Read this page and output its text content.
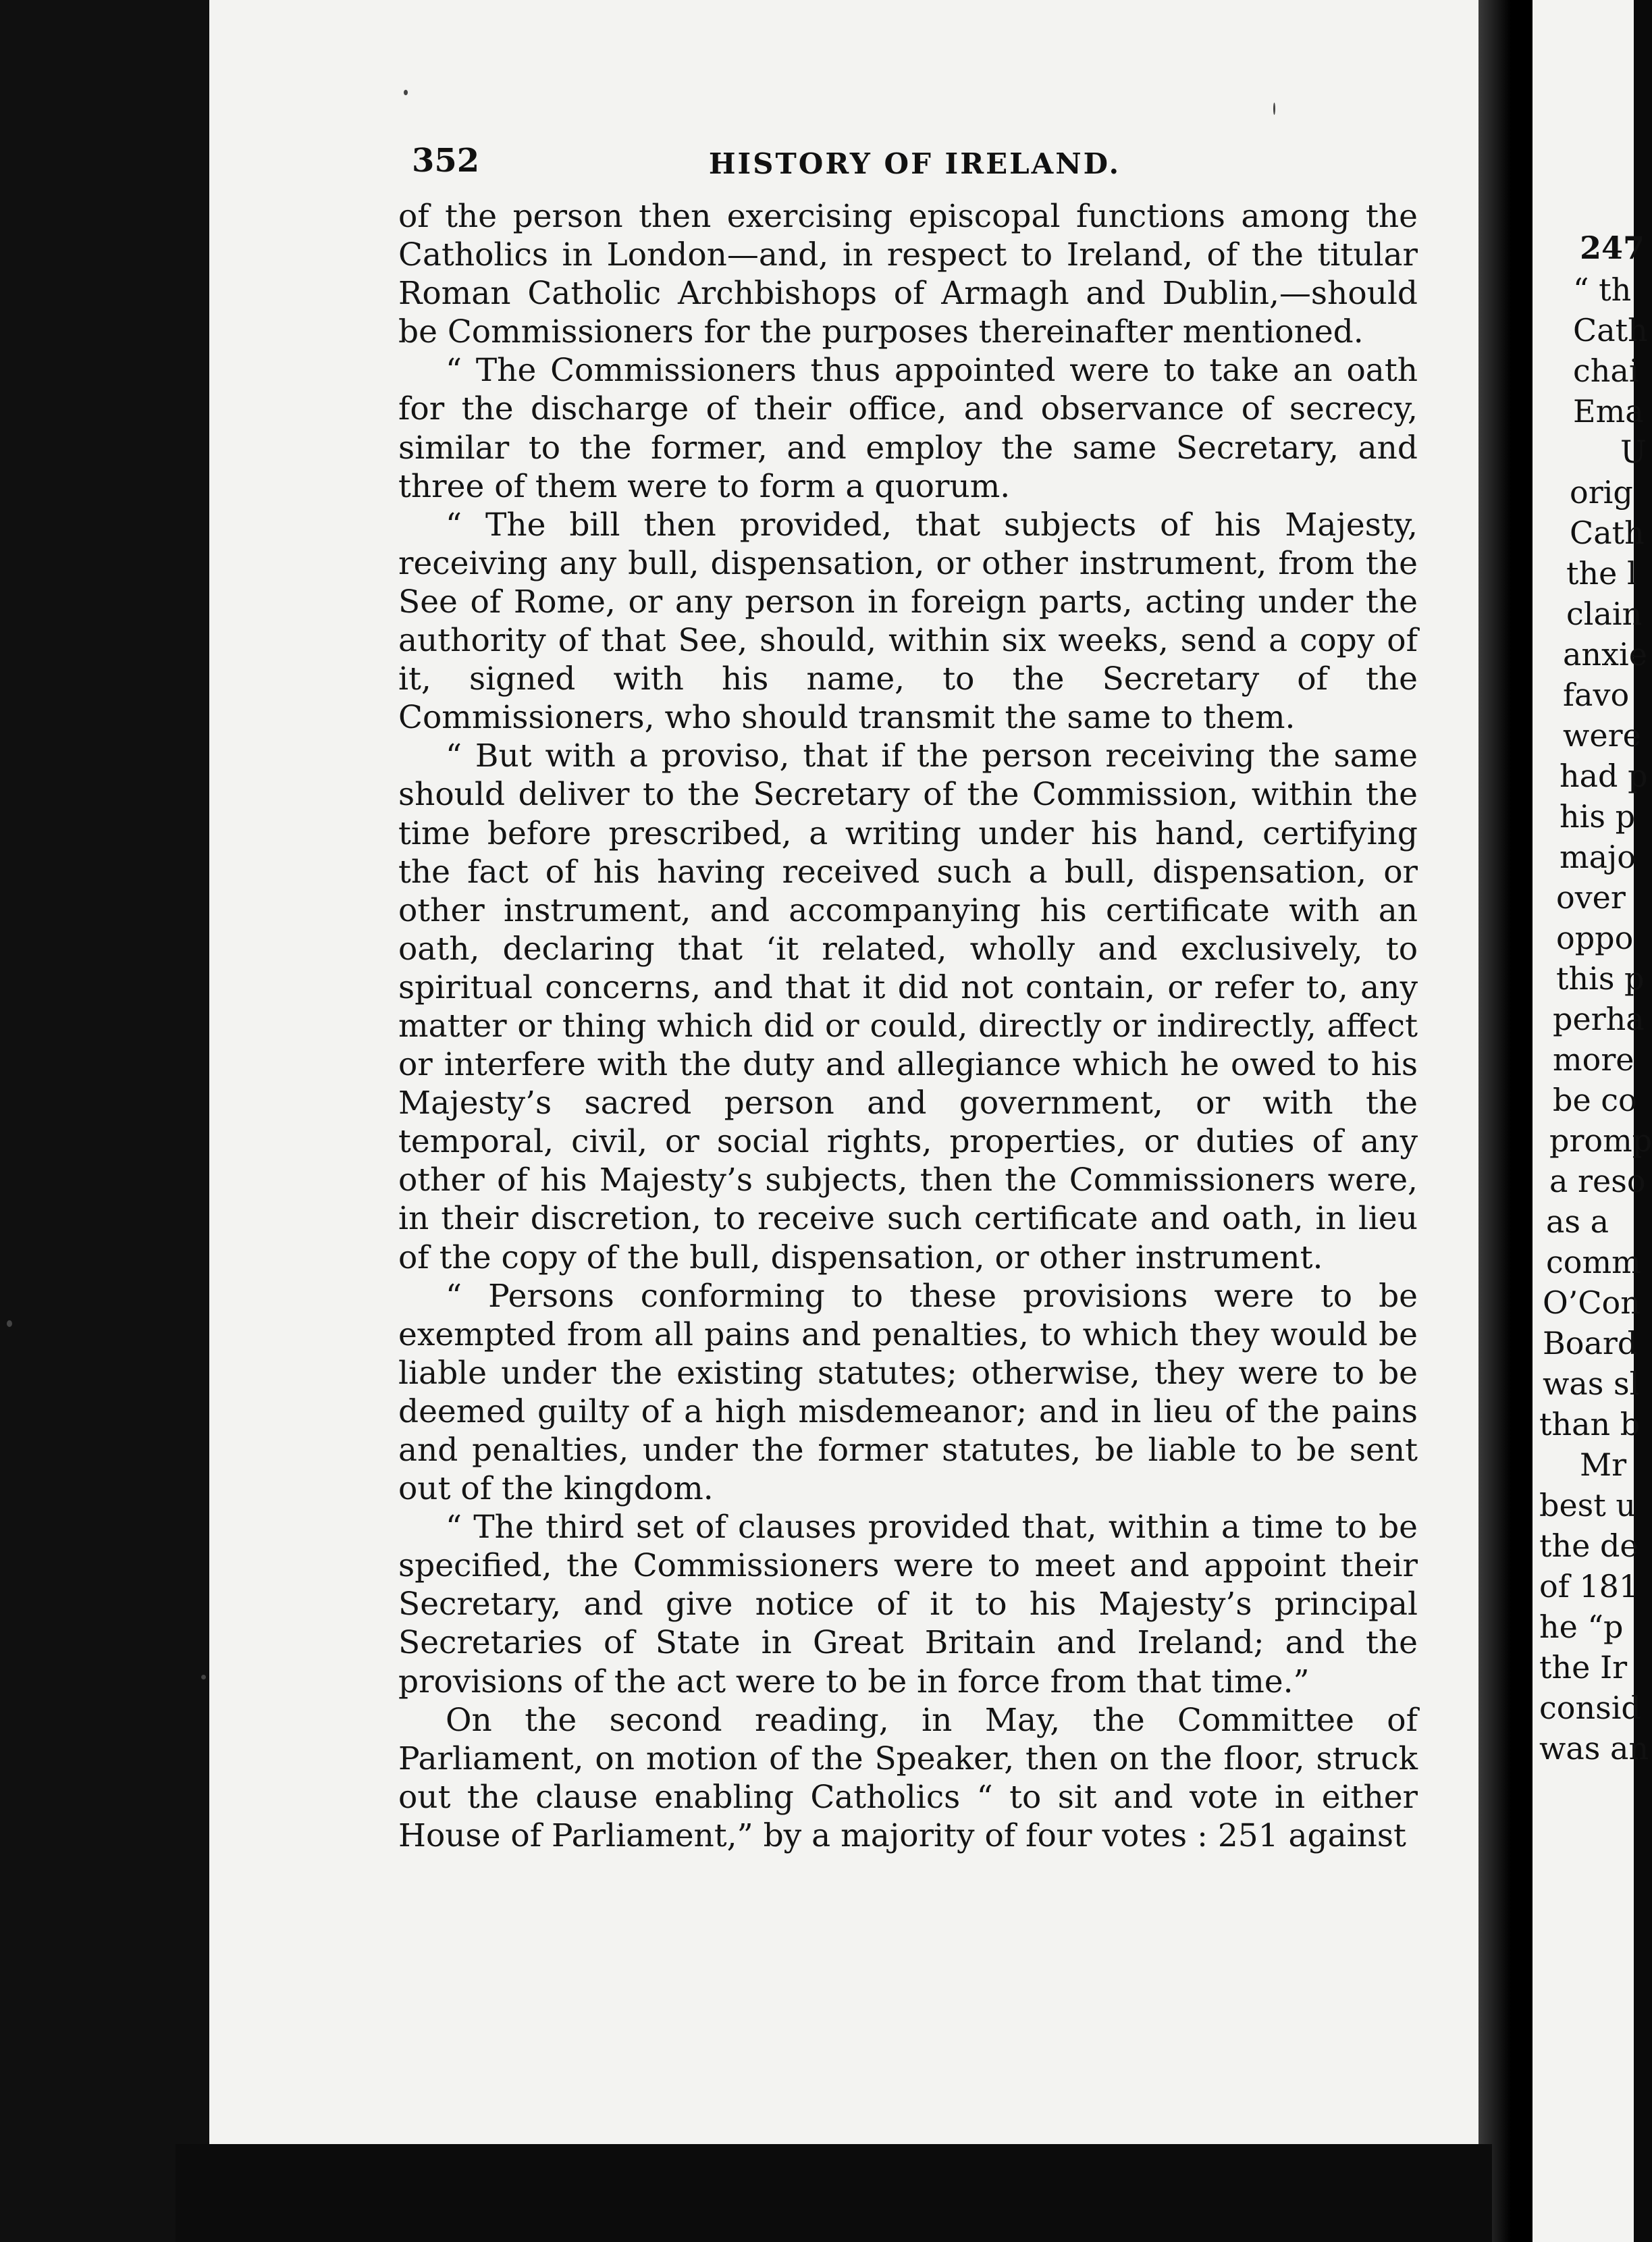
352	HISTORY OF IRELAND.

of the person then exercising episcopal functions among the Catholics in London—and, in respect to Ireland, of the titular Roman Catholic Archbishops of Armagh and Dublin,—should be Commissioners for the purposes thereinafter mentioned.

“ The Commissioners thus appointed were to take an oath for the discharge of their office, and observance of secrecy, similar to the former, and employ the same Secretary, and three of them were to form a quorum.

“ The bill then provided, that subjects of his Majesty, receiving any bull, dispensation, or other instrument, from the See of Rome, or any person in foreign parts, acting under the authority of that See, should, within six weeks, send a copy of it, signed with his name, to the Secretary of the Commissioners, who should transmit the same to them.

“ But with a proviso, that if the person receiving the same should deliver to the Secretary of the Commission, within the time before prescribed, a writing under his hand, certifying the fact of his having received such a bull, dispensation, or other instrument, and accompanying his certificate with an oath, declaring that ‘it related, wholly and exclusively, to spiritual concerns, and that it did not contain, or refer to, any matter or thing which did or could, directly or indirectly, affect or interfere with the duty and allegiance which he owed to his Majesty’s sacred person and government, or with the temporal, civil, or social rights, properties, or duties of any other of his Majesty’s subjects, then the Commissioners were, in their discretion, to receive such certificate and oath, in lieu of the copy of the bull, dispensation, or other instrument.

“ Persons conforming to these provisions were to be exempted from all pains and penalties, to which they would be liable under the existing statutes; otherwise, they were to be deemed guilty of a high misdemeanor; and in lieu of the pains and penalties, under the former statutes, be liable to be sent out of the kingdom.

“ The third set of clauses provided that, within a time to be specified, the Commissioners were to meet and appoint their Secretary, and give notice of it to his Majesty’s principal Secretaries of State in Great Britain and Ireland; and the provisions of the act were to be in force from that time.”

On the second reading, in May, the Committee of Parliament, on motion of the Speaker, then on the floor, struck out the clause enabling Catholics “ to sit and vote in either House of Parliament,” by a majority of four votes : 251 against

247
“ th
Cath
chai
Ema
U
orig
Cath
the l
clain
anxie
favo
were
had p
his p
majo
over
oppo
this p
perha
more
be co
promp
a reso
as a
comm
O’Con
Board
was sl
than b
Mr
best u
the de
of 181
he “p
the Ir
consid
was an
